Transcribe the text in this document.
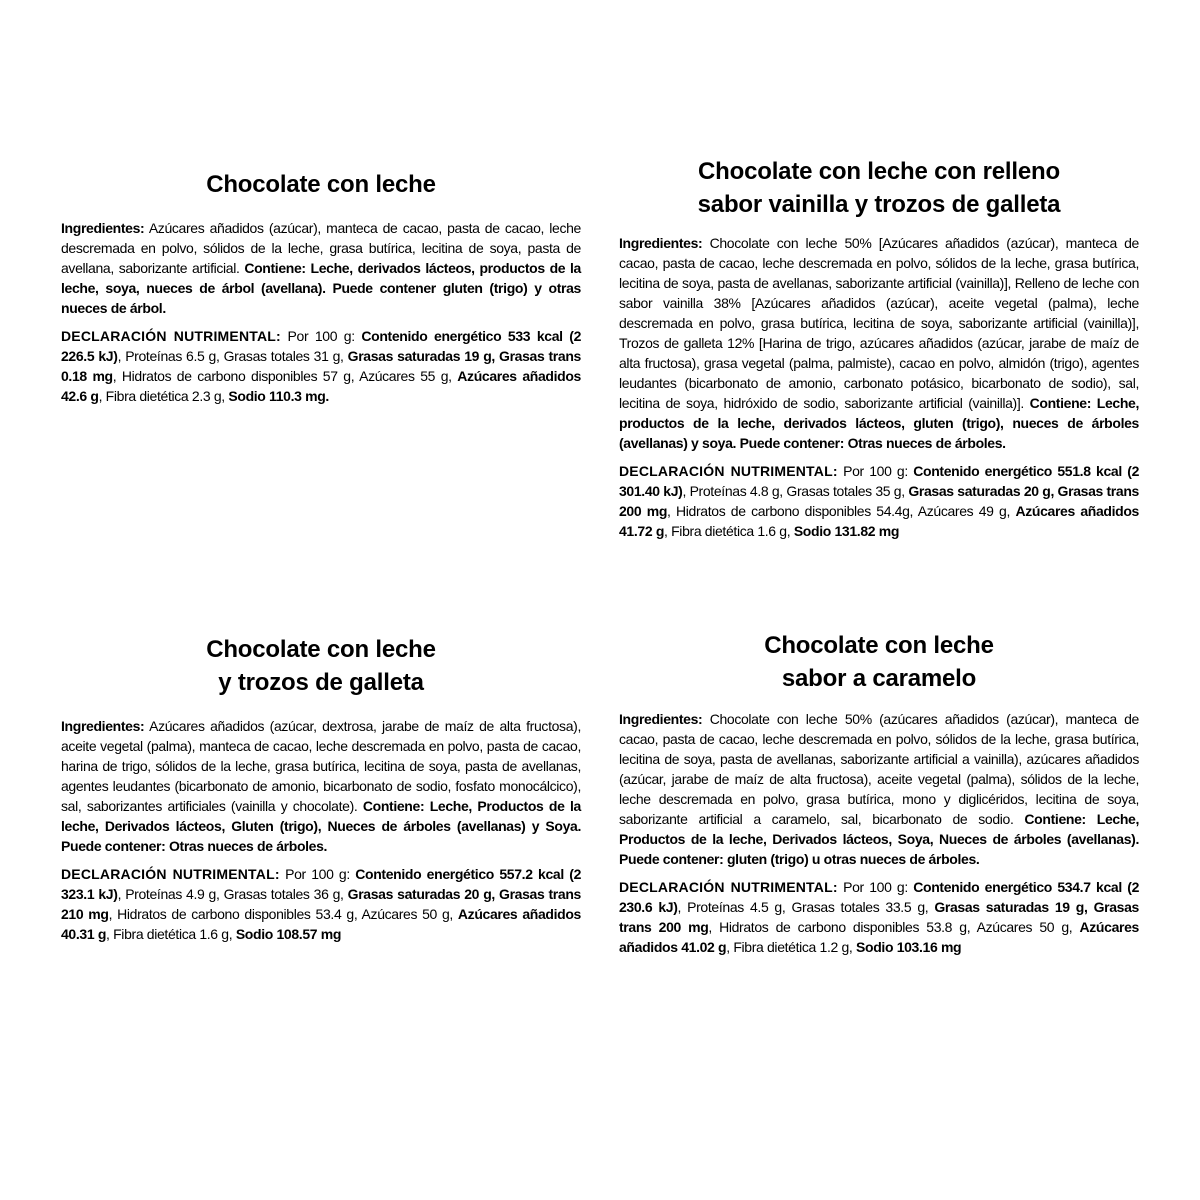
Chocolate con leche

Ingredientes: Azúcares añadidos (azúcar), manteca de cacao, pasta de cacao, leche descremada en polvo, sólidos de la leche, grasa butírica, lecitina de soya, pasta de avellana, saborizante artificial. Contiene: Leche, derivados lácteos, productos de la leche, soya, nueces de árbol (avellana). Puede contener gluten (trigo) y otras nueces de árbol.

DECLARACIÓN NUTRIMENTAL: Por 100 g: Contenido energético 533 kcal (2 226.5 kJ), Proteínas 6.5 g, Grasas totales 31 g, Grasas saturadas 19 g, Grasas trans 0.18 mg, Hidratos de carbono disponibles 57 g, Azúcares 55 g, Azúcares añadidos 42.6 g, Fibra dietética 2.3 g, Sodio 110.3 mg.

Chocolate con leche con relleno
sabor vainilla y trozos de galleta

Ingredientes: Chocolate con leche 50% [Azúcares añadidos (azúcar), manteca de cacao, pasta de cacao, leche descremada en polvo, sólidos de la leche, grasa butírica, lecitina de soya, pasta de avellanas, saborizante artificial (vainilla)], Relleno de leche con sabor vainilla 38% [Azúcares añadidos (azúcar), aceite vegetal (palma), leche descremada en polvo, grasa butírica, lecitina de soya, saborizante artificial (vainilla)], Trozos de galleta 12% [Harina de trigo, azúcares añadidos (azúcar, jarabe de maíz de alta fructosa), grasa vegetal (palma, palmiste), cacao en polvo, almidón (trigo), agentes leudantes (bicarbonato de amonio, carbonato potásico, bicarbonato de sodio), sal, lecitina de soya, hidróxido de sodio, saborizante artificial (vainilla)]. Contiene: Leche, productos de la leche, derivados lácteos, gluten (trigo), nueces de árboles (avellanas) y soya. Puede contener: Otras nueces de árboles.

DECLARACIÓN NUTRIMENTAL: Por 100 g: Contenido energético 551.8 kcal (2 301.40 kJ), Proteínas 4.8 g, Grasas totales 35 g, Grasas saturadas 20 g, Grasas trans 200 mg, Hidratos de carbono disponibles 54.4g, Azúcares 49 g, Azúcares añadidos 41.72 g, Fibra dietética 1.6 g, Sodio 131.82 mg

Chocolate con leche
y trozos de galleta

Ingredientes: Azúcares añadidos (azúcar, dextrosa, jarabe de maíz de alta fructosa), aceite vegetal (palma), manteca de cacao, leche descremada en polvo, pasta de cacao, harina de trigo, sólidos de la leche, grasa butírica, lecitina de soya, pasta de avellanas, agentes leudantes (bicarbonato de amonio, bicarbonato de sodio, fosfato monocálcico), sal, saborizantes artificiales (vainilla y chocolate). Contiene: Leche, Productos de la leche, Derivados lácteos, Gluten (trigo), Nueces de árboles (avellanas) y Soya. Puede contener: Otras nueces de árboles.

DECLARACIÓN NUTRIMENTAL: Por 100 g: Contenido energético 557.2 kcal (2 323.1 kJ), Proteínas 4.9 g, Grasas totales 36 g, Grasas saturadas 20 g, Grasas trans 210 mg, Hidratos de carbono disponibles 53.4 g, Azúcares 50 g, Azúcares añadidos 40.31 g, Fibra dietética 1.6 g, Sodio 108.57 mg

Chocolate con leche
sabor a caramelo

Ingredientes: Chocolate con leche 50% (azúcares añadidos (azúcar), manteca de cacao, pasta de cacao, leche descremada en polvo, sólidos de la leche, grasa butírica, lecitina de soya, pasta de avellanas, saborizante artificial a vainilla), azúcares añadidos (azúcar, jarabe de maíz de alta fructosa), aceite vegetal (palma), sólidos de la leche, leche descremada en polvo, grasa butírica, mono y diglicéridos, lecitina de soya, saborizante artificial a caramelo, sal, bicarbonato de sodio. Contiene: Leche, Productos de la leche, Derivados lácteos, Soya, Nueces de árboles (avellanas). Puede contener: gluten (trigo) u otras nueces de árboles.

DECLARACIÓN NUTRIMENTAL: Por 100 g: Contenido energético 534.7 kcal (2 230.6 kJ), Proteínas 4.5 g, Grasas totales 33.5 g, Grasas saturadas 19 g, Grasas trans 200 mg, Hidratos de carbono disponibles 53.8 g, Azúcares 50 g, Azúcares añadidos 41.02 g, Fibra dietética 1.2 g, Sodio 103.16 mg
